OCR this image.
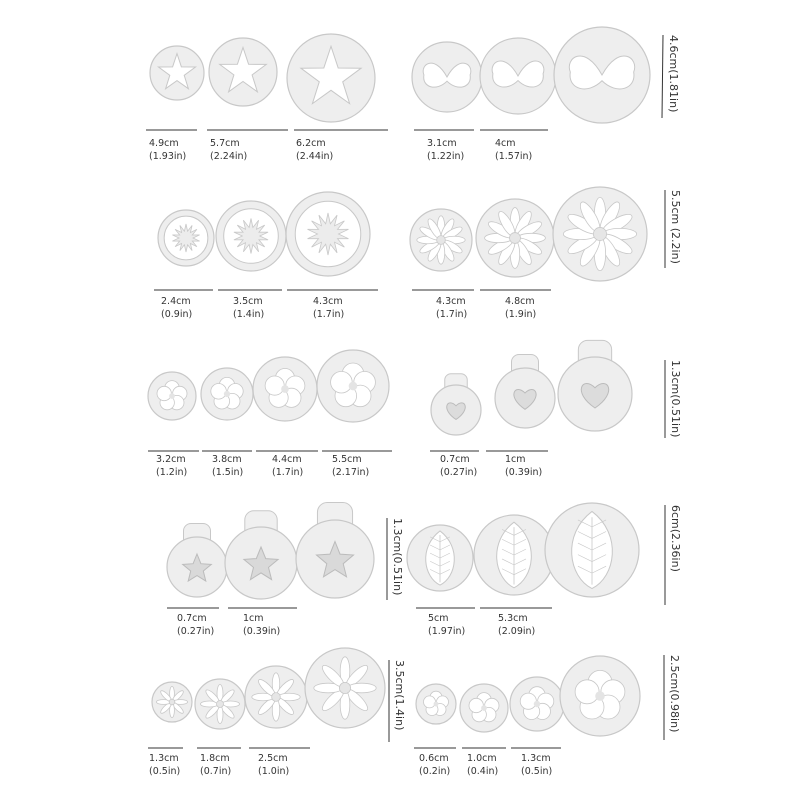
4.9cm
(1.93in)
5.7cm
(2.24in)
6.2cm
(2.44in)
3.1cm
(1.22in)
4cm
(1.57in)
4.6cm(1.81in)
2.4cm
(0.9in)
3.5cm
(1.4in)
4.3cm
(1.7in)
4.3cm
(1.7in)
4.8cm
(1.9in)
5.5cm (2.2in)
3.2cm
(1.2in)
3.8cm
(1.5in)
4.4cm
(1.7in)
5.5cm
(2.17in)
0.7cm
(0.27in)
1cm
(0.39in)
1.3cm(0.51in)
0.7cm
(0.27in)
1cm
(0.39in)
1.3cm(0.51in)
5cm
(1.97in)
5.3cm
(2.09in)
6cm(2.36in)
1.3cm
(0.5in)
1.8cm
(0.7in)
2.5cm
(1.0in)
3.5cm(1.4in)
0.6cm
(0.2in)
1.0cm
(0.4in)
1.3cm
(0.5in)
2.5cm(0.98in)
